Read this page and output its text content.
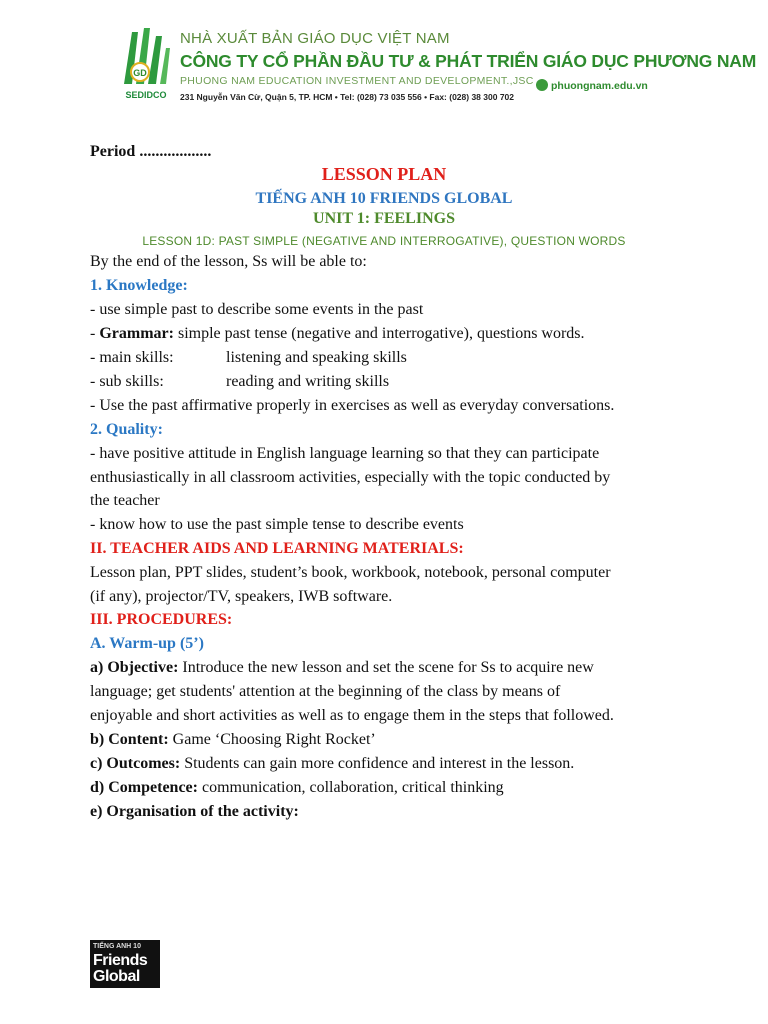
GD
SEDIDCO
NHÀ XUẤT BẢN GIÁO DỤC VIỆT NAM
CÔNG TY CỔ PHẦN ĐẦU TƯ & PHÁT TRIỂN GIÁO DỤC PHƯƠNG NAM
PHUONG NAM EDUCATION INVESTMENT AND DEVELOPMENT.,JSC
231 Nguyễn Văn Cừ, Quận 5, TP. HCM • Tel: (028) 73 035 556 • Fax: (028) 38 300 702
phuongnam.edu.vn
Period ..................
LESSON PLAN
TIẾNG ANH 10 FRIENDS GLOBAL
UNIT 1: FEELINGS
LESSON 1D: PAST SIMPLE (NEGATIVE AND INTERROGATIVE), QUESTION WORDS
By the end of the lesson, Ss will be able to:
1. Knowledge:
- use simple past to describe some events in the past
- Grammar: simple past tense (negative and interrogative), questions words.
- main skills:	listening and speaking skills
- sub skills:	reading and writing skills
- Use the past affirmative properly in exercises as well as everyday conversations.
2. Quality:
- have positive attitude in English language learning so that they can participate
enthusiastically in all classroom activities, especially with the topic conducted by
the teacher
- know how to use the past simple tense to describe events
II. TEACHER AIDS AND LEARNING MATERIALS:
Lesson plan, PPT slides, student’s book, workbook, notebook, personal computer
(if any), projector/TV, speakers, IWB software.
III. PROCEDURES:
A. Warm-up (5’)
a) Objective: Introduce the new lesson and set the scene for Ss to acquire new
language; get students' attention at the beginning of the class by means of
enjoyable and short activities as well as to engage them in the steps that followed.
b) Content: Game ‘Choosing Right Rocket’
c) Outcomes: Students can gain more confidence and interest in the lesson.
d) Competence: communication, collaboration, critical thinking
e) Organisation of the activity:
TIẾNG ANH 10
Friends
Global
